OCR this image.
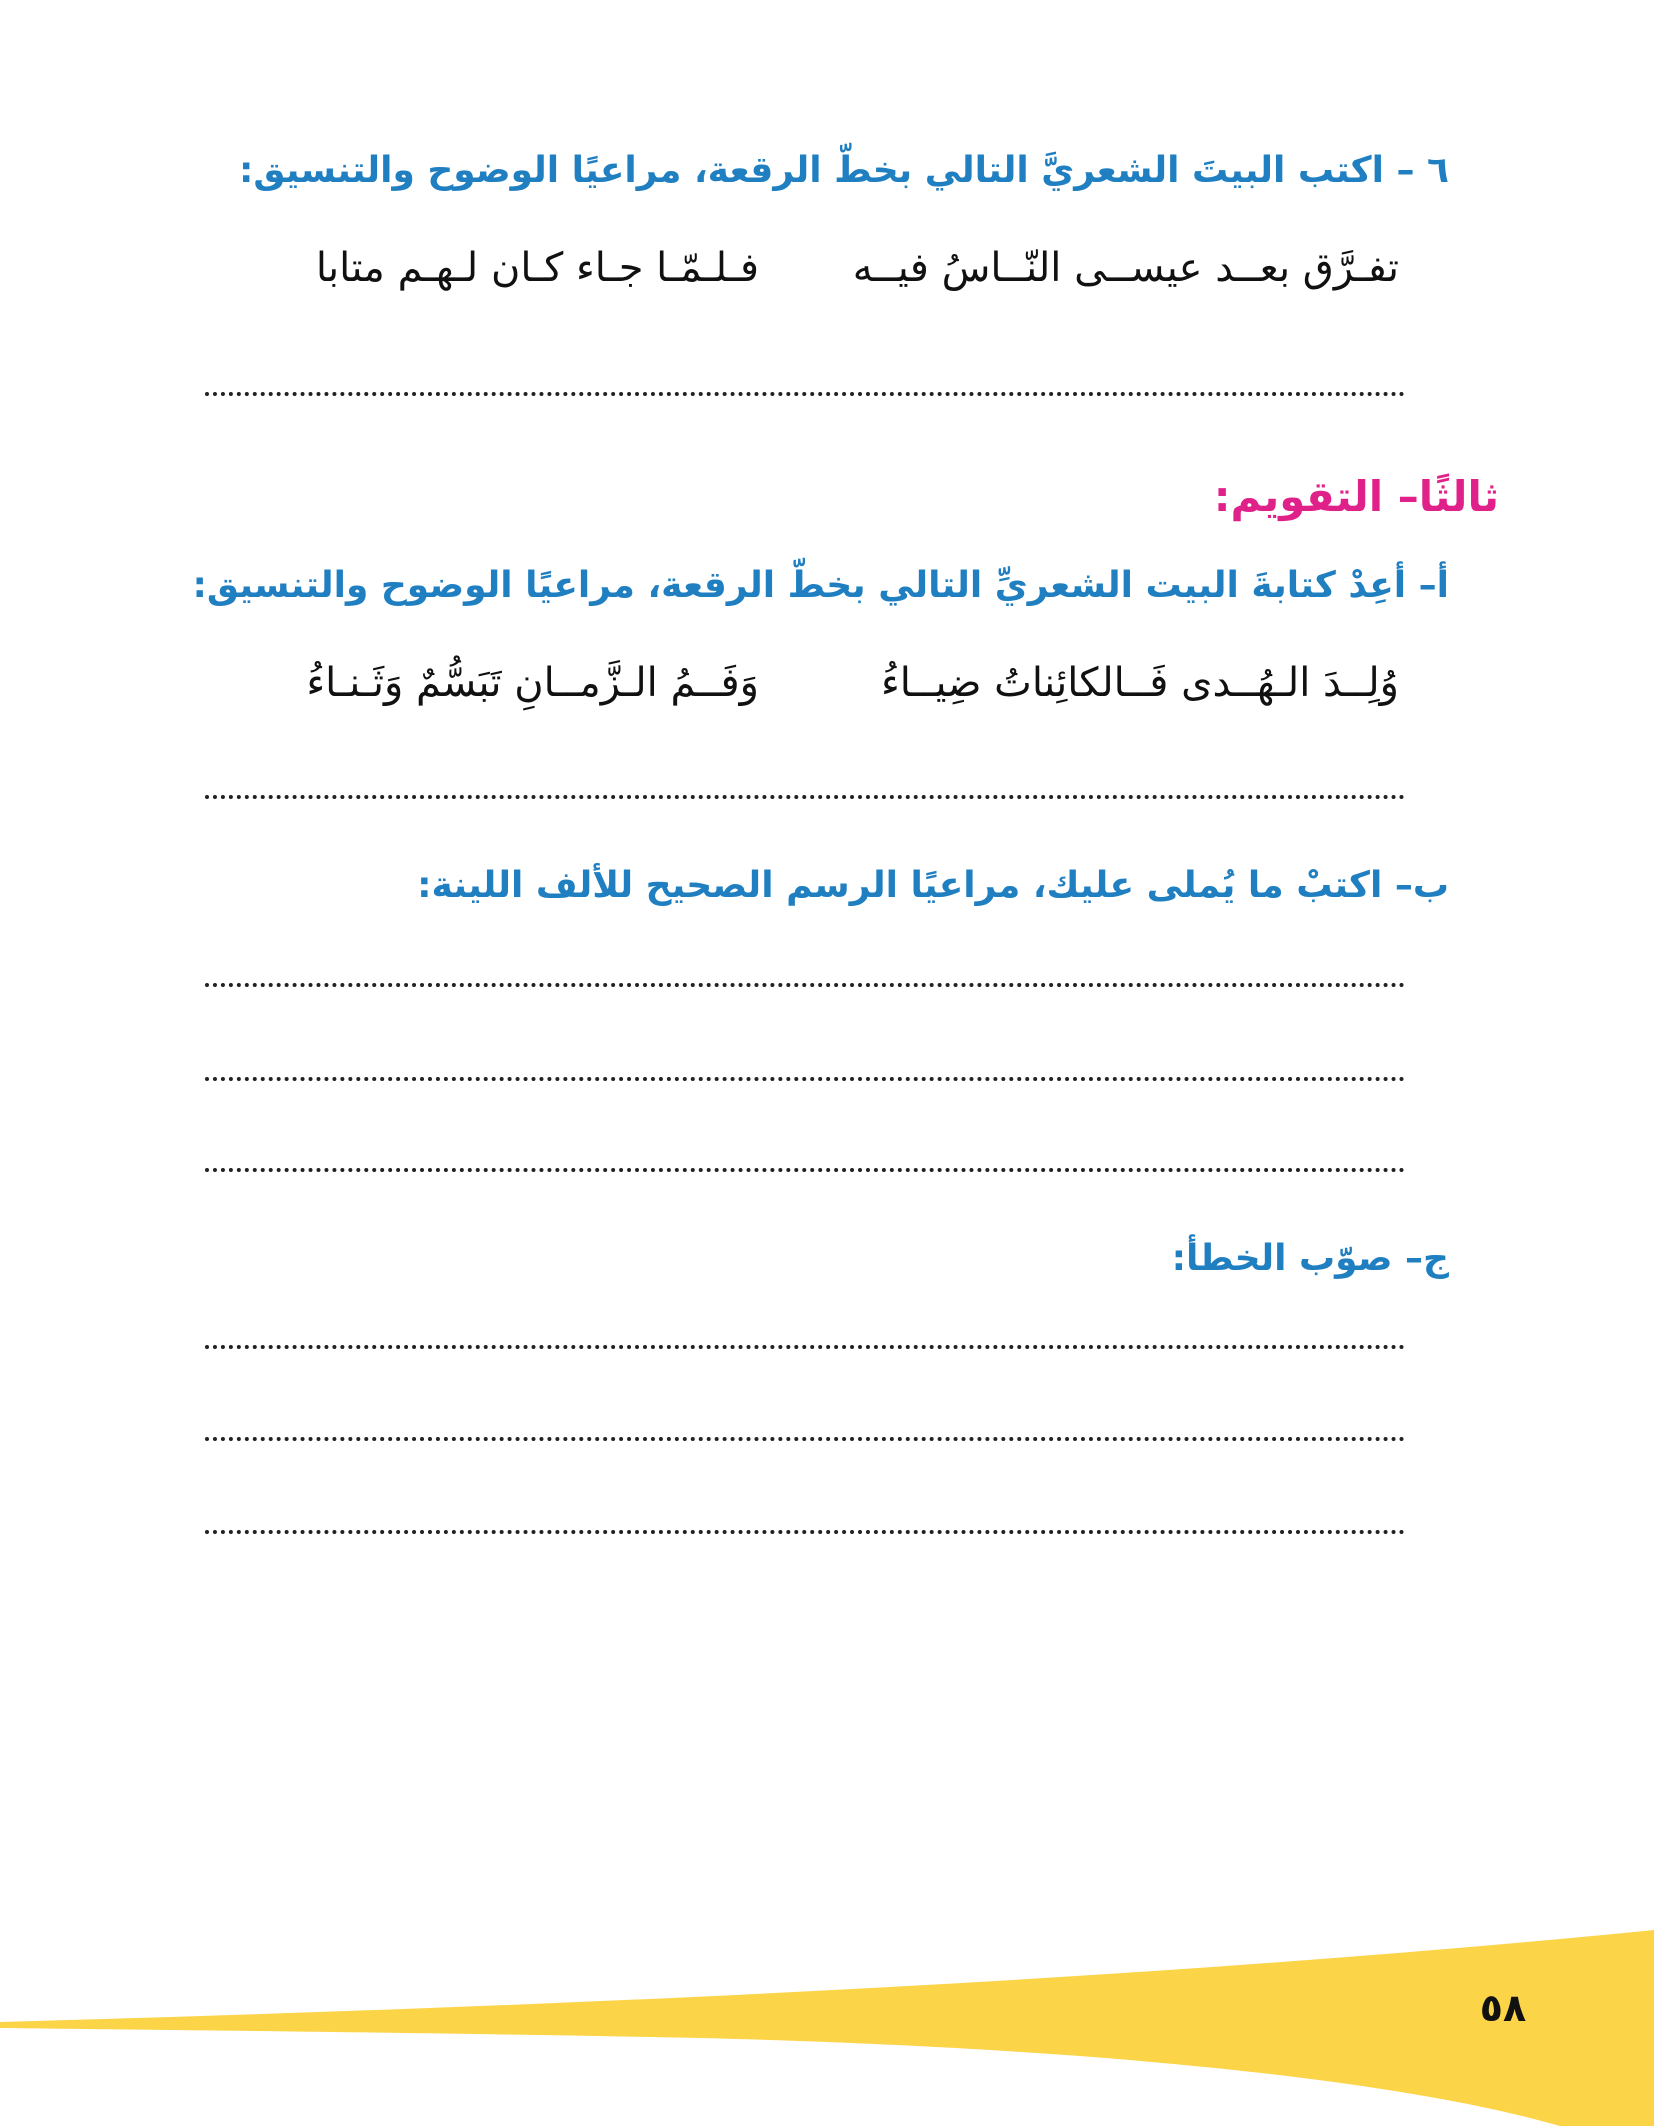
٦ – اكتب البيتَ الشعريَّ التالي بخطّ الرقعة، مراعيًا الوضوح والتنسيق:
تفـرَّق بعــد عيســى النّــاسُ فيــه
فـلـمّـا جـاء كـان لـهـم متابا
ثالثًا– التقويم:
أ– أعِدْ كتابةَ البيت الشعريِّ التالي بخطّ الرقعة، مراعيًا الوضوح والتنسيق:
وُلِــدَ الـهُــدى فَــالكائِناتُ ضِيــاءُ
وَفَــمُ الـزَّمــانِ تَبَسُّمٌ وَثَـنـاءُ
ب– اكتبْ ما يُملى عليك، مراعيًا الرسم الصحيح للألف اللينة:
ج– صوّب الخطأ:
٥٨
